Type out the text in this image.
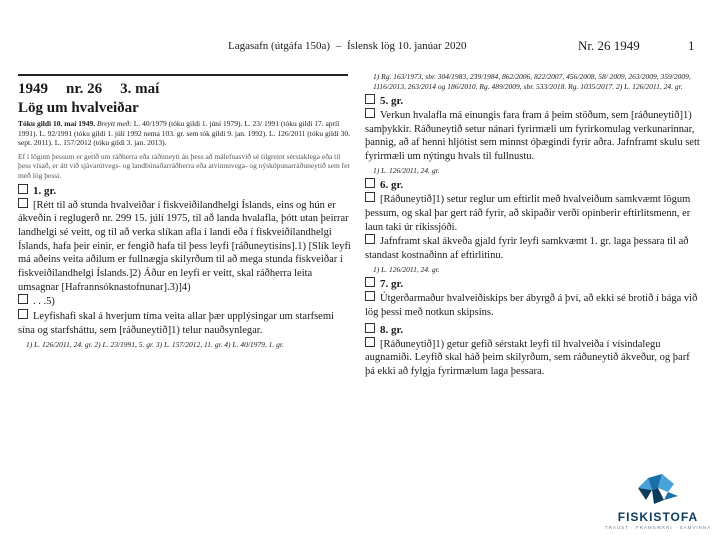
Lagasafn (útgáfa 150a) – Íslensk lög 10. janúar 2020	Nr. 26 1949	1
1949 nr. 26 3. maí
Lög um hvalveiðar
Tóku gildi 10. maí 1949. Breytt með: L. 40/1979 (tóku gildi 1. júní 1979). L. 23/ 1991 (tóku gildi 17. apríl 1991). L. 92/1991 (tóku gildi 1. júlí 1992 nema 103. gr. sem tók gildi 9. jan. 1992). L. 126/2011 (tóku gildi 30. sept. 2011). L. 157/2012 (tóku gildi 3. jan. 2013).
Ef í lögum þessum er getið um ráðherra eða ráðuneyti án þess að málefnasvið sé tilgreint sérstaklega eða til þess vísað, er átt við sjávarútvegs- og landbúnaðarráðherra eða atvinnuvega- og nýsköpunarráðuneytið sem fer með lög þessi.
1. gr.
[Rétt til að stunda hvalveiðar í fiskveiðilandhelgi Íslands, eins og hún er ákveðin í reglugerð nr. 299 15. júlí 1975, til að landa hvalafla, þótt utan þeirrar landhelgi sé veitt, og til að verka slíkan afla í landi eða í fiskveiðilandhelgi Íslands, hafa þeir einir, er fengið hafa til þess leyfi [ráðuneytisins].1) [Slík leyfi má aðeins veita aðilum er fullnægja skilyrðum til að mega stunda fiskveiðar í fiskveiðilandhelgi Íslands.]2) Áður en leyfi er veitt, skal ráðherra leita umsagnar [Hafrannsóknastofnunar].3)]4)
. . .5)
Leyfishafi skal á hverjum tíma veita allar þær upplýsingar um starfsemi sína og starfsháttu, sem [ráðuneytið]1) telur nauðsynlegar.
1) L. 126/2011, 24. gr. 2) L. 23/1991, 5. gr. 3) L. 157/2012, 11. gr. 4) L. 40/1979, 1. gr.
1) Rg. 163/1973, sbr. 304/1983, 239/1984, 862/2006, 822/2007, 456/2008, 58/ 2009, 263/2009, 359/2009, 1116/2013, 263/2014 og 186/2010. Rg. 489/2009, sbr. 533/2018. Rg. 1035/2017. 2) L. 126/2011, 24. gr.
5. gr.
Verkun hvalafla má einungis fara fram á þeim stöðum, sem [ráðuneytið]1) samþykkir. Ráðuneytið setur nánari fyrirmæli um fyrirkomulag verkunarinnar, þannig, að af henni hljótist sem minnst óþægindi fyrir aðra. Jafnframt skulu sett fyrirmæli um nýtingu hvals til fullnustu.
1) L. 126/2011, 24. gr.
6. gr.
[Ráðuneytið]1) setur reglur um eftirlit með hvalveiðum samkvæmt lögum þessum, og skal þar gert ráð fyrir, að skipaðir verði opinberir eftirlitsmenn, er laun taki úr ríkissjóði.
Jafnframt skal ákveða gjald fyrir leyfi samkvæmt 1. gr. laga þessara til að standast kostnaðinn af eftirlitinu.
1) L. 126/2011, 24. gr.
7. gr.
Útgerðarmaður hvalveiðiskips ber ábyrgð á því, að ekki sé brotið í bága við lög þessi með notkun skipsins.
8. gr.
[Ráðuneytið]1) getur gefið sérstakt leyfi til hvalveiða í vísindalegu augnamiði. Leyfið skal háð þeim skilyrðum, sem ráðuneytið ákveður, og þarf þá ekki að fylgja fyrirmælum laga þessara.
FISKISTOFA
TRAUST · FRAMSÆKNI · SAMVINNA
